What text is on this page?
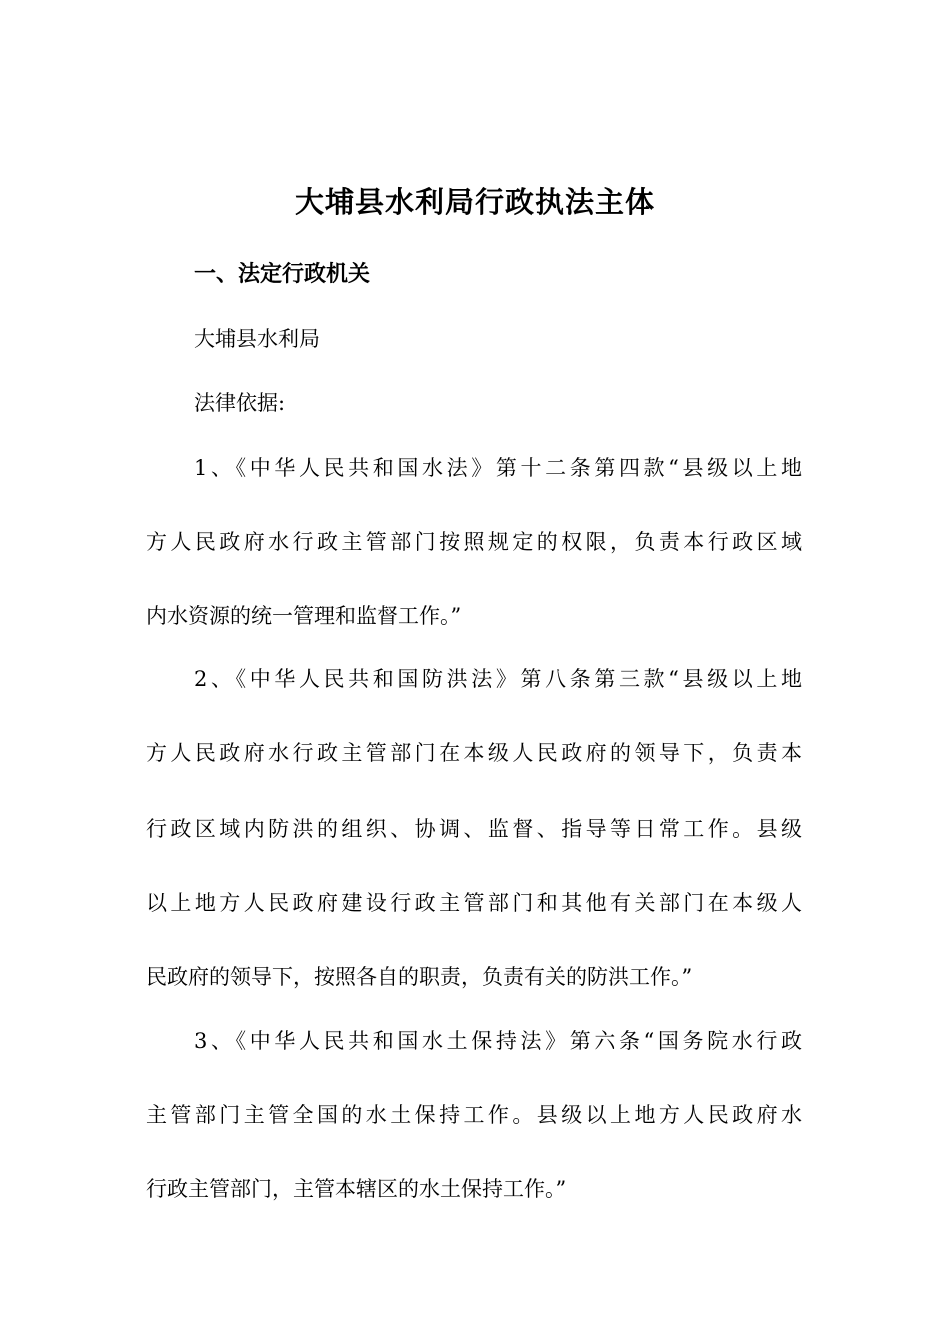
大埔县水利局行政执法主体
一、法定行政机关
大埔县水利局
法律依据:
1、《中华人民共和国水法》第十二条第四款“县级以上地
方人民政府水行政主管部门按照规定的权限，负责本行政区域
内水资源的统一管理和监督工作。”
2、《中华人民共和国防洪法》第八条第三款“县级以上地
方人民政府水行政主管部门在本级人民政府的领导下，负责本
行政区域内防洪的组织、协调、监督、指导等日常工作。县级
以上地方人民政府建设行政主管部门和其他有关部门在本级人
民政府的领导下，按照各自的职责，负责有关的防洪工作。”
3、《中华人民共和国水土保持法》第六条“国务院水行政
主管部门主管全国的水土保持工作。县级以上地方人民政府水
行政主管部门，主管本辖区的水土保持工作。”
